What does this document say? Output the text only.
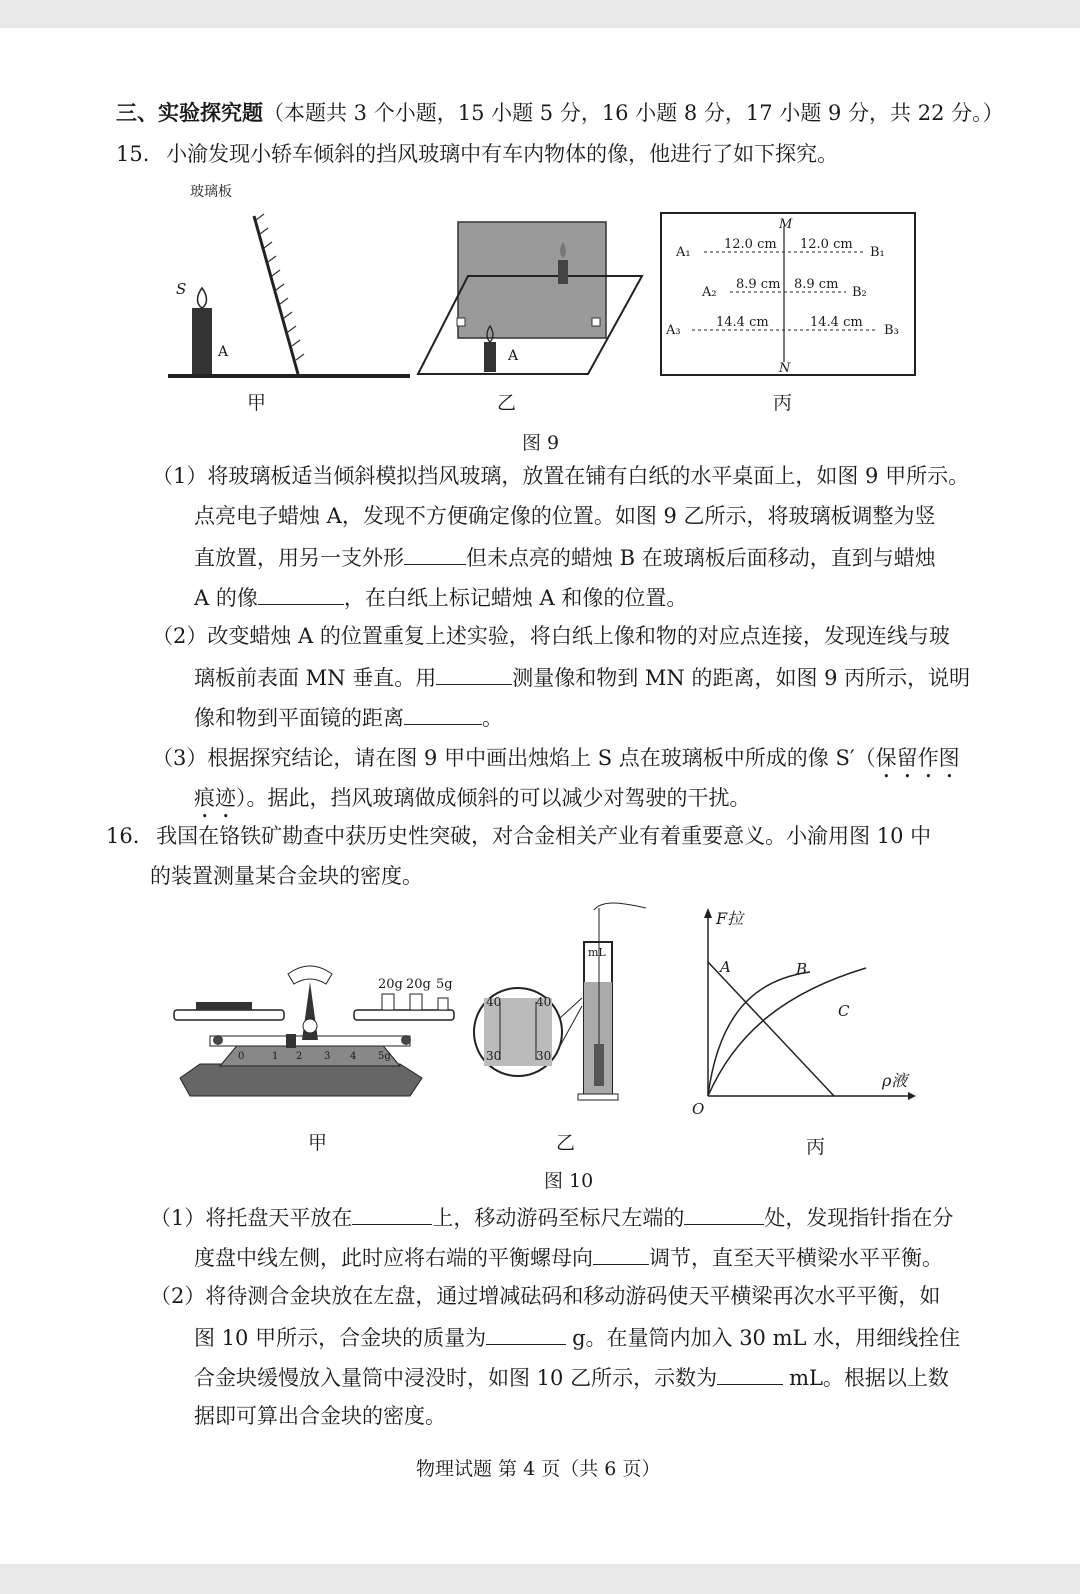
三、实验探究题（本题共 3 个小题，15 小题 5 分，16 小题 8 分，17 小题 9 分，共 22 分。）
15. 小渝发现小轿车倾斜的挡风玻璃中有车内物体的像，他进行了如下探究。
玻璃板
S
A
甲
A
乙
M
N
A₁
12.0 cm 12.0 cm
B₁
A₂
8.9 cm 8.9 cm
B₂
A₃
14.4 cm	14.4 cm
B₃
丙
图 9
（1）将玻璃板适当倾斜模拟挡风玻璃，放置在铺有白纸的水平桌面上，如图 9 甲所示。
点亮电子蜡烛 A，发现不方便确定像的位置。如图 9 乙所示，将玻璃板调整为竖
直放置，用另一支外形	但未点亮的蜡烛 B 在玻璃板后面移动，直到与蜡烛
A 的像	，在白纸上标记蜡烛 A 和像的位置。
（2）改变蜡烛 A 的位置重复上述实验，将白纸上像和物的对应点连接，发现连线与玻
璃板前表面 MN 垂直。用	测量像和物到 MN 的距离，如图 9 丙所示，说明
像和物到平面镜的距离	。
（3）根据探究结论，请在图 9 甲中画出烛焰上 S 点在玻璃板中所成的像 S′（保留作图
痕迹）。据此，挡风玻璃做成倾斜的可以减少对驾驶的干扰。
16. 我国在铬铁矿勘查中获历史性突破，对合金相关产业有着重要意义。小渝用图 10 中
的装置测量某合金块的密度。
20g 20g 5g
0	1 2 3 4 5g
甲
40	40
30	30
mL
乙
F拉
ρ液
O
A	B
C
丙
图 10
（1）将托盘天平放在	上，移动游码至标尺左端的	处，发现指针指在分
度盘中线左侧，此时应将右端的平衡螺母向	调节，直至天平横梁水平平衡。
（2）将待测合金块放在左盘，通过增减砝码和移动游码使天平横梁再次水平平衡，如
图 10 甲所示，合金块的质量为	g。在量筒内加入 30 mL 水，用细线拴住
合金块缓慢放入量筒中浸没时，如图 10 乙所示，示数为	mL。根据以上数
据即可算出合金块的密度。
物理试题 第 4 页（共 6 页）
